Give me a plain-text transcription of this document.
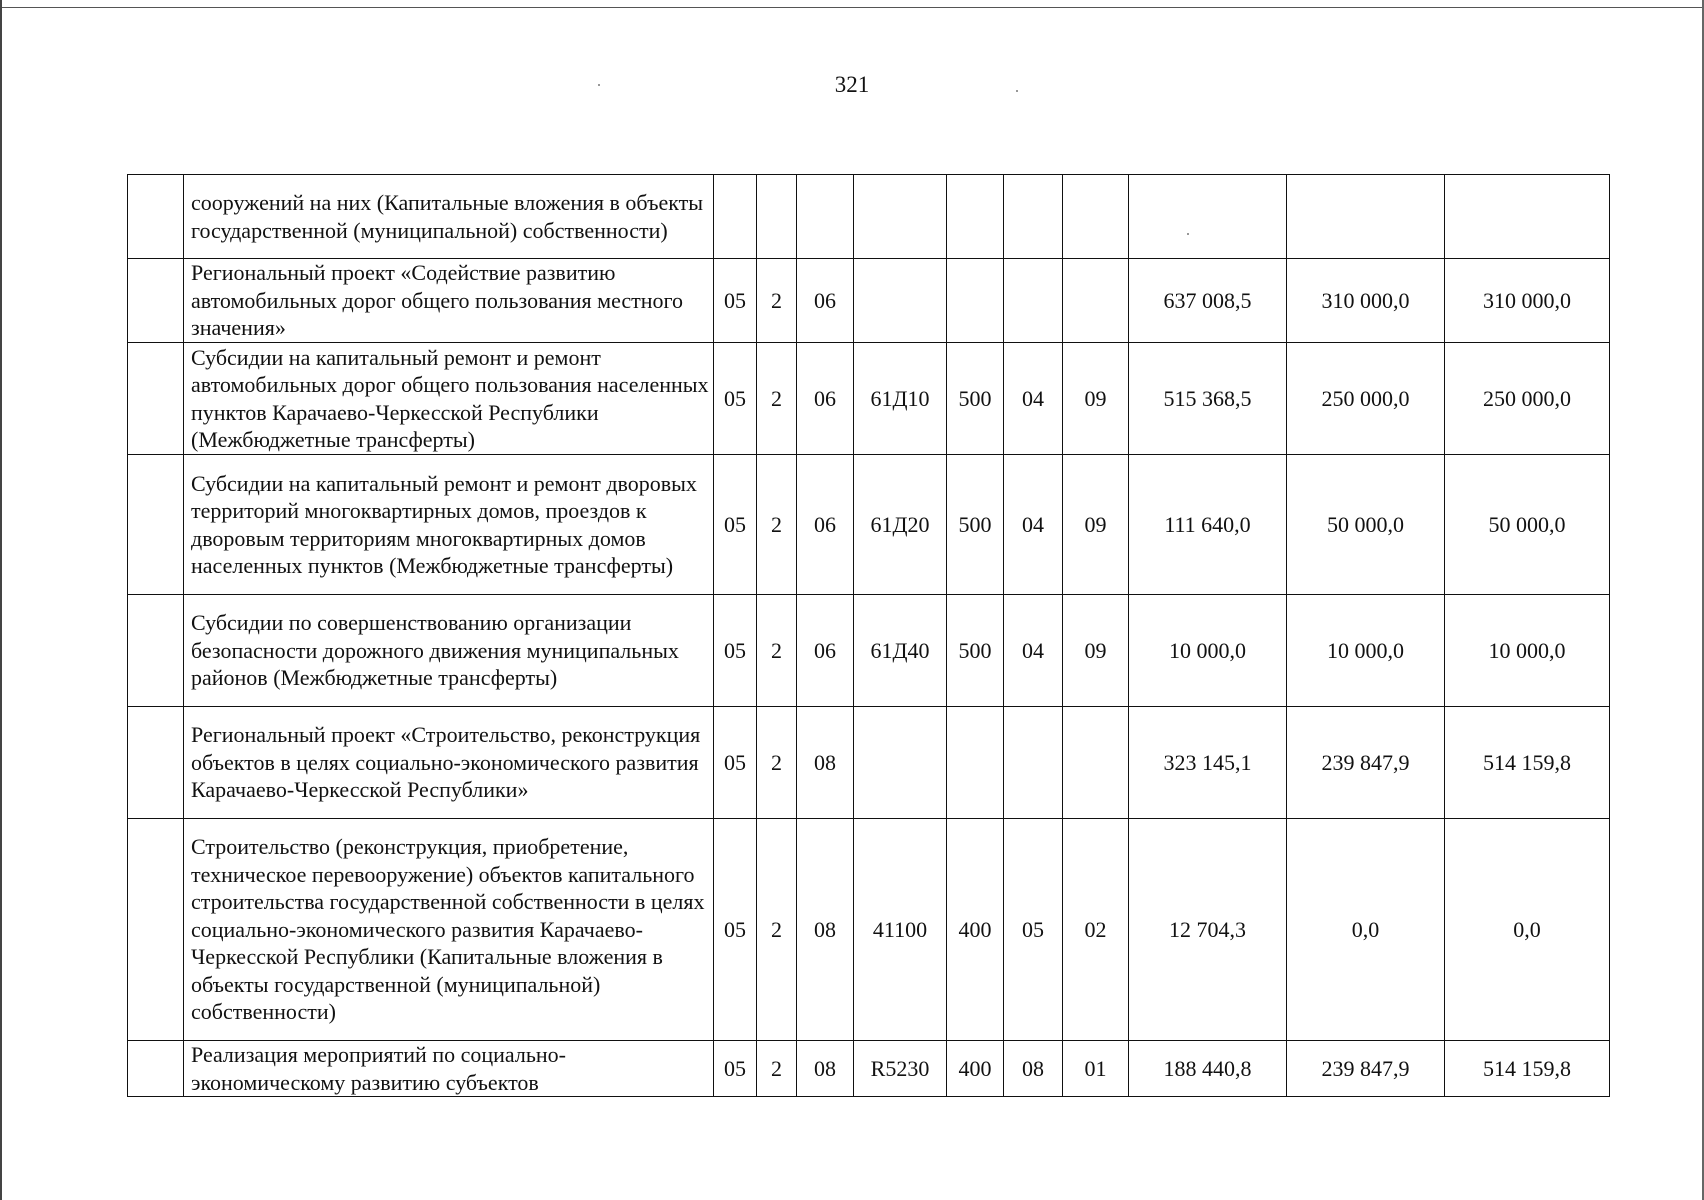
321
	сооружений на них (Капитальные вложения в объекты государственной (муниципальной) собственности)										
	Региональный проект «Содействие развитию автомобильных дорог общего пользования местного значения»	05	2	06					637 008,5	310 000,0	310 000,0
	Субсидии на капитальный ремонт и ремонт автомобильных дорог общего пользования населенных пунктов Карачаево-Черкесской Республики (Межбюджетные трансферты)	05	2	06	61Д10	500	04	09	515 368,5	250 000,0	250 000,0
	Субсидии на капитальный ремонт и ремонт дворовых территорий многоквартирных домов, проездов к дворовым территориям многоквартирных домов населенных пунктов (Межбюджетные трансферты)	05	2	06	61Д20	500	04	09	111 640,0	50 000,0	50 000,0
	Субсидии по совершенствованию организации безопасности дорожного движения муниципальных районов (Межбюджетные трансферты)	05	2	06	61Д40	500	04	09	10 000,0	10 000,0	10 000,0
	Региональный проект «Строительство, реконструкция объектов в целях социально-экономического развития Карачаево-Черкесской Республики»	05	2	08					323 145,1	239 847,9	514 159,8
	Строительство (реконструкция, приобретение, техническое перевооружение) объектов капитального строительства государственной собственности в целях социально-экономического развития Карачаево-Черкесской Республики (Капитальные вложения в объекты государственной (муниципальной) собственности)	05	2	08	41100	400	05	02	12 704,3	0,0	0,0
	Реализация мероприятий по социально-экономическому развитию субъектов	05	2	08	R5230	400	08	01	188 440,8	239 847,9	514 159,8
